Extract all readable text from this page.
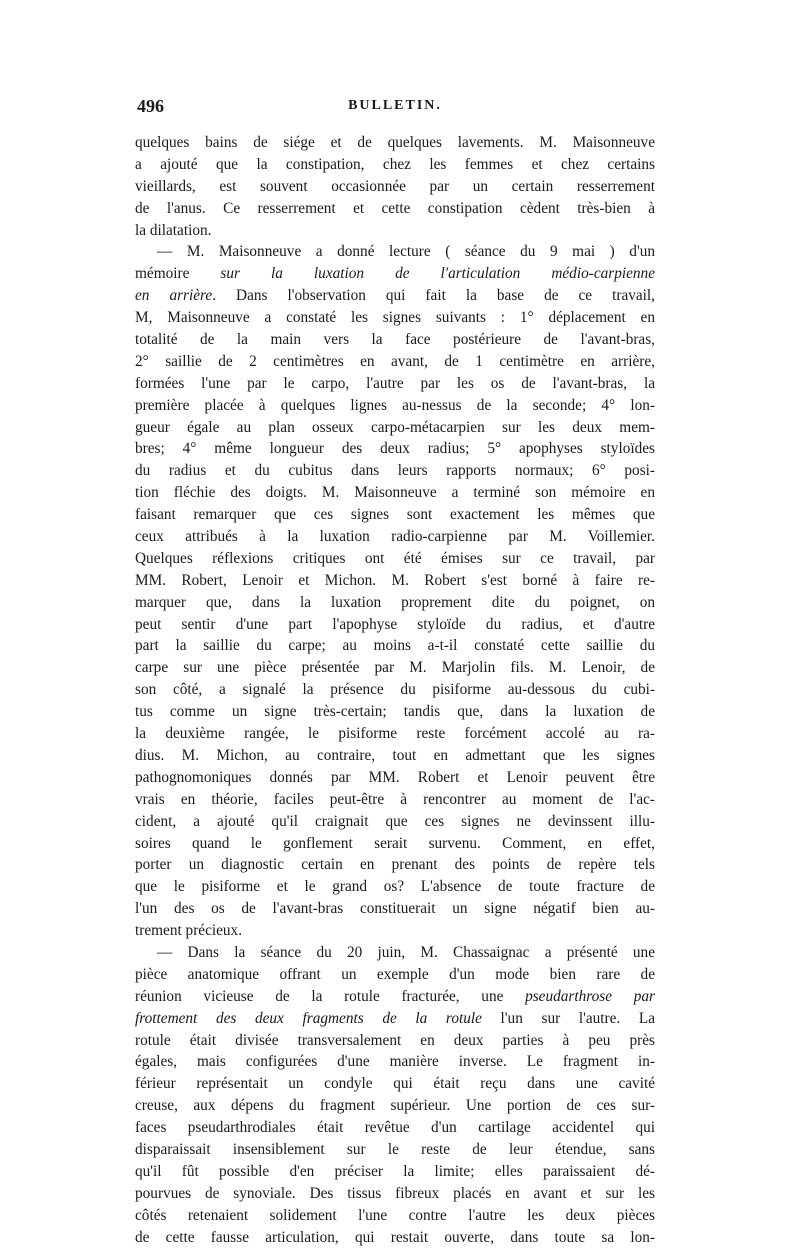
496	BULLETIN.

quelques bains de siége et de quelques lavements. M. Maisonneuve
a ajouté que la constipation, chez les femmes et chez certains
vieillards, est souvent occasionnée par un certain resserrement
de l'anus. Ce resserrement et cette constipation cèdent très-bien à
la dilatation.

— M. Maisonneuve a donné lecture ( séance du 9 mai ) d'un
mémoire sur la luxation de l'articulation médio-carpienne
en arrière. Dans l'observation qui fait la base de ce travail,
M, Maisonneuve a constaté les signes suivants : 1° déplacement en
totalité de la main vers la face postérieure de l'avant-bras,
2° saillie de 2 centimètres en avant, de 1 centimètre en arrière,
formées l'une par le carpo, l'autre par les os de l'avant-bras, la
première placée à quelques lignes au-nessus de la seconde; 4° lon-
gueur égale au plan osseux carpo-métacarpien sur les deux mem-
bres; 4° même longueur des deux radius; 5° apophyses styloïdes
du radius et du cubitus dans leurs rapports normaux; 6° posi-
tion fléchie des doigts. M. Maisonneuve a terminé son mémoire en
faisant remarquer que ces signes sont exactement les mêmes que
ceux attribués à la luxation radio-carpienne par M. Voillemier.
Quelques réflexions critiques ont été émises sur ce travail, par
MM. Robert, Lenoir et Michon. M. Robert s'est borné à faire re-
marquer que, dans la luxation proprement dite du poignet, on
peut sentir d'une part l'apophyse styloïde du radius, et d'autre
part la saillie du carpe; au moins a-t-il constaté cette saillie du
carpe sur une pièce présentée par M. Marjolin fils. M. Lenoir, de
son côté, a signalé la présence du pisiforme au-dessous du cubi-
tus comme un signe très-certain; tandis que, dans la luxation de
la deuxième rangée, le pisiforme reste forcément accolé au ra-
dius. M. Michon, au contraire, tout en admettant que les signes
pathognomoniques donnés par MM. Robert et Lenoir peuvent être
vrais en théorie, faciles peut-être à rencontrer au moment de l'ac-
cident, a ajouté qu'il craignait que ces signes ne devinssent illu-
soires quand le gonflement serait survenu. Comment, en effet,
porter un diagnostic certain en prenant des points de repère tels
que le pisiforme et le grand os? L'absence de toute fracture de
l'un des os de l'avant-bras constituerait un signe négatif bien au-
trement précieux.

— Dans la séance du 20 juin, M. Chassaignac a présenté une
pièce anatomique offrant un exemple d'un mode bien rare de
réunion vicieuse de la rotule fracturée, une pseudarthrose par
frottement des deux fragments de la rotule l'un sur l'autre. La
rotule était divisée transversalement en deux parties à peu près
égales, mais configurées d'une manière inverse. Le fragment in-
férieur représentait un condyle qui était reçu dans une cavité
creuse, aux dépens du fragment supérieur. Une portion de ces sur-
faces pseudarthrodiales était revêtue d'un cartilage accidentel qui
disparaissait insensiblement sur le reste de leur étendue, sans
qu'il fût possible d'en préciser la limite; elles paraissaient dé-
pourvues de synoviale. Des tissus fibreux placés en avant et sur les
côtés retenaient solidement l'une contre l'autre les deux pièces
de cette fausse articulation, qui restait ouverte, dans toute sa lon-
